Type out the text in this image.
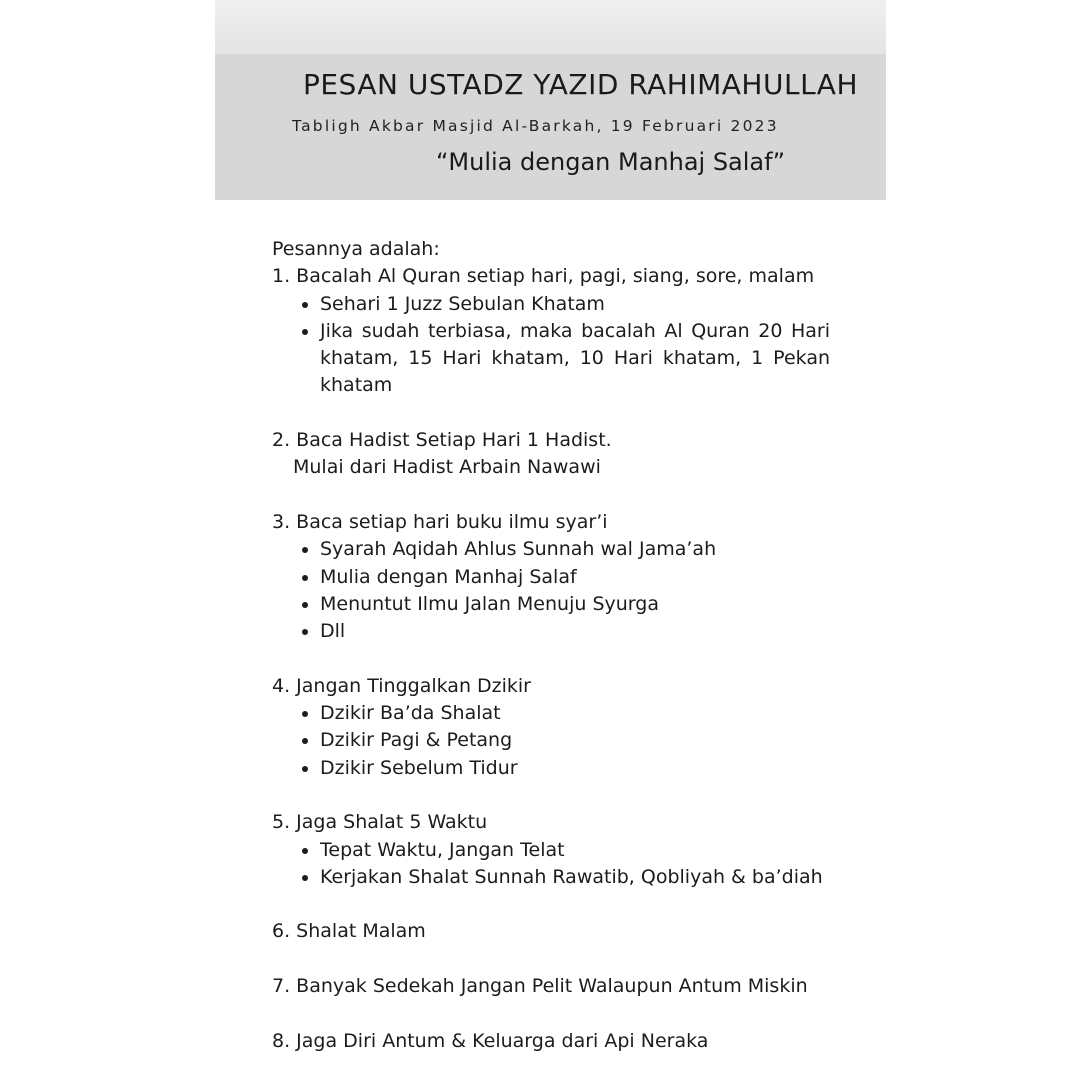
PESAN USTADZ YAZID RAHIMAHULLAH
Tabligh Akbar Masjid Al-Barkah, 19 Februari 2023
“Mulia dengan Manhaj Salaf”
Pesannya adalah:
1. Bacalah Al Quran setiap hari, pagi, siang, sore, malam
Sehari 1 Juzz Sebulan Khatam
Jika sudah terbiasa, maka bacalah Al Quran 20 Hari khatam, 15 Hari khatam, 10 Hari khatam, 1 Pekan khatam
2. Baca Hadist Setiap Hari 1 Hadist.
Mulai dari Hadist Arbain Nawawi
3. Baca setiap hari buku ilmu syar’i
Syarah Aqidah Ahlus Sunnah wal Jama’ah
Mulia dengan Manhaj Salaf
Menuntut Ilmu Jalan Menuju Syurga
Dll
4. Jangan Tinggalkan Dzikir
Dzikir Ba’da Shalat
Dzikir Pagi & Petang
Dzikir Sebelum Tidur
5. Jaga Shalat 5 Waktu
Tepat Waktu, Jangan Telat
Kerjakan Shalat Sunnah Rawatib, Qobliyah & ba’diah
6. Shalat Malam
7. Banyak Sedekah Jangan Pelit Walaupun Antum Miskin
8. Jaga Diri Antum & Keluarga dari Api Neraka
